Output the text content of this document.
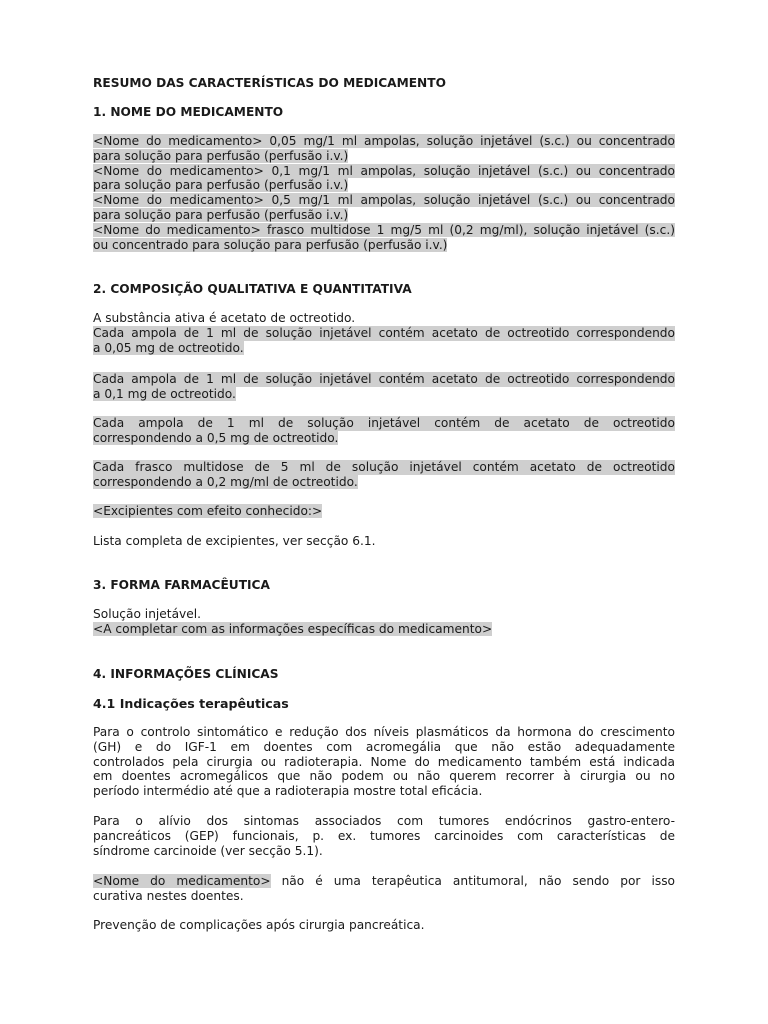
RESUMO DAS CARACTERÍSTICAS DO MEDICAMENTO
1. NOME DO MEDICAMENTO
<Nome do medicamento> 0,05 mg/1 ml ampolas, solução injetável (s.c.) ou concentrado
para solução para perfusão (perfusão i.v.)
<Nome do medicamento> 0,1 mg/1 ml ampolas, solução injetável (s.c.) ou concentrado
para solução para perfusão (perfusão i.v.)
<Nome do medicamento> 0,5 mg/1 ml ampolas, solução injetável (s.c.) ou concentrado
para solução para perfusão (perfusão i.v.)
<Nome do medicamento> frasco multidose 1 mg/5 ml (0,2 mg/ml), solução injetável (s.c.)
ou concentrado para solução para perfusão (perfusão i.v.)
2. COMPOSIÇÃO QUALITATIVA E QUANTITATIVA
A substância ativa é acetato de octreotido.
Cada ampola de 1 ml de solução injetável contém acetato de octreotido correspondendo
a 0,05 mg de octreotido.
Cada ampola de 1 ml de solução injetável contém acetato de octreotido correspondendo
a 0,1 mg de octreotido.
Cada ampola de 1 ml de solução injetável contém de acetato de octreotido
correspondendo a 0,5 mg de octreotido.
Cada frasco multidose de 5 ml de solução injetável contém acetato de octreotido
correspondendo a 0,2 mg/ml de octreotido.
<Excipientes com efeito conhecido:>
Lista completa de excipientes, ver secção 6.1.
3. FORMA FARMACÊUTICA
Solução injetável.
<A completar com as informações específicas do medicamento>
4. INFORMAÇÕES CLÍNICAS
4.1 Indicações terapêuticas
Para o controlo sintomático e redução dos níveis plasmáticos da hormona do crescimento
(GH) e do IGF-1 em doentes com acromegália que não estão adequadamente
controlados pela cirurgia ou radioterapia. Nome do medicamento também está indicada
em doentes acromegálicos que não podem ou não querem recorrer à cirurgia ou no
período intermédio até que a radioterapia mostre total eficácia.
Para o alívio dos sintomas associados com tumores endócrinos gastro-entero-
pancreáticos (GEP) funcionais, p. ex. tumores carcinoides com características de
síndrome carcinoide (ver secção 5.1).
<Nome do medicamento> não é uma terapêutica antitumoral, não sendo por isso
curativa nestes doentes.
Prevenção de complicações após cirurgia pancreática.
